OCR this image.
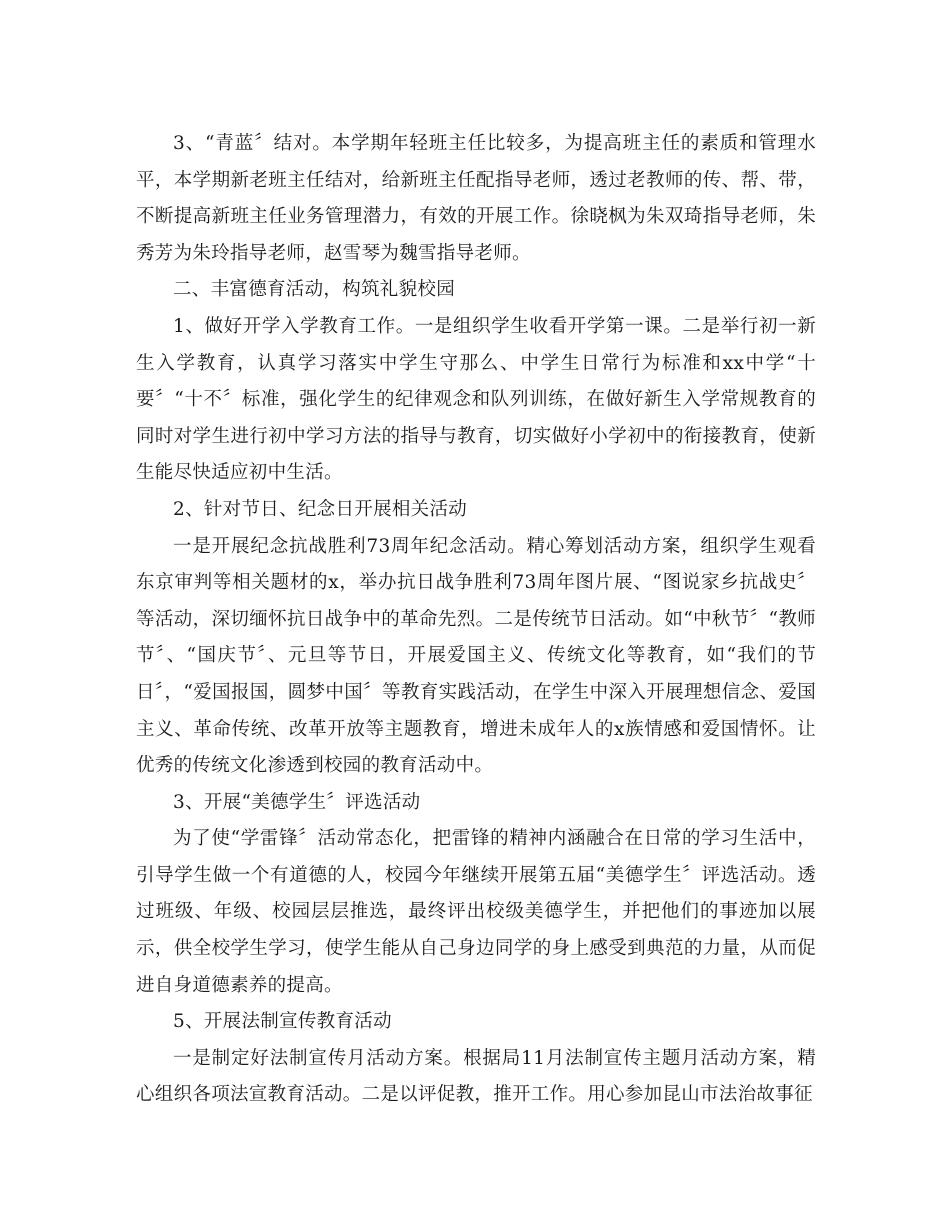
3、“青蓝〞结对。本学期年轻班主任比较多，为提高班主任的素质和管理水平，本学期新老班主任结对，给新班主任配指导老师，透过老教师的传、帮、带，不断提高新班主任业务管理潜力，有效的开展工作。徐晓枫为朱双琦指导老师，朱秀芳为朱玲指导老师，赵雪琴为魏雪指导老师。

二、丰富德育活动，构筑礼貌校园

1、做好开学入学教育工作。一是组织学生收看开学第一课。二是举行初一新生入学教育，认真学习落实中学生守那么、中学生日常行为标准和xx中学“十要〞“十不〞标准，强化学生的纪律观念和队列训练，在做好新生入学常规教育的同时对学生进行初中学习方法的指导与教育，切实做好小学初中的衔接教育，使新生能尽快适应初中生活。

2、针对节日、纪念日开展相关活动

一是开展纪念抗战胜利73周年纪念活动。精心筹划活动方案，组织学生观看东京审判等相关题材的x，举办抗日战争胜利73周年图片展、“图说家乡抗战史〞等活动，深切缅怀抗日战争中的革命先烈。二是传统节日活动。如“中秋节〞“教师节〞、“国庆节〞、元旦等节日，开展爱国主义、传统文化等教育，如“我们的节日〞，“爱国报国，圆梦中国〞等教育实践活动，在学生中深入开展理想信念、爱国主义、革命传统、改革开放等主题教育，增进未成年人的x族情感和爱国情怀。让优秀的传统文化渗透到校园的教育活动中。

3、开展“美德学生〞评选活动

为了使“学雷锋〞活动常态化，把雷锋的精神内涵融合在日常的学习生活中，引导学生做一个有道德的人，校园今年继续开展第五届“美德学生〞评选活动。透过班级、年级、校园层层推选，最终评出校级美德学生，并把他们的事迹加以展示，供全校学生学习，使学生能从自己身边同学的身上感受到典范的力量，从而促进自身道德素养的提高。

5、开展法制宣传教育活动

一是制定好法制宣传月活动方案。根据局11月法制宣传主题月活动方案，精心组织各项法宣教育活动。二是以评促教，推开工作。用心参加昆山市法治故事征
